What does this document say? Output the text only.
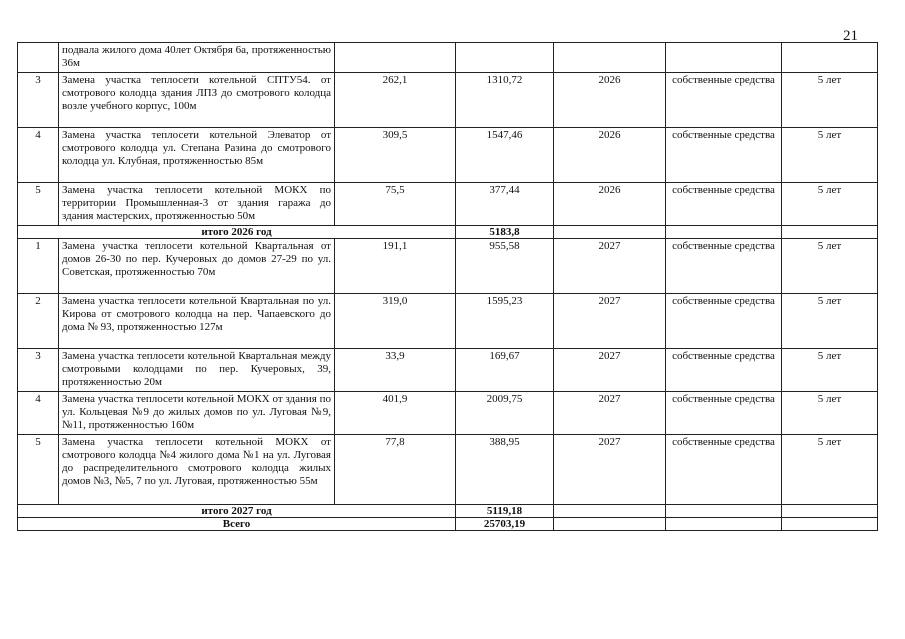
21
	подвала жилого дома 40лет Октября 6а, протяженностью 36м					
3	Замена участка теплосети котельной СПТУ54. от смотрового колодца здания ЛПЗ до смотрового колодца возле учебного корпус, 100м	262,1	1310,72	2026	собственные средства	5 лет
4	Замена участка теплосети котельной Элеватор от смотрового колодца ул. Степана Разина до смотрового колодца ул. Клубная, протяженностью 85м	309,5	1547,46	2026	собственные средства	5 лет
5	Замена участка теплосети котельной МОКХ по территории Промышленная-3 от здания гаража до здания мастерских, протяженностью 50м	75,5	377,44	2026	собственные средства	5 лет
итого 2026 год			5183,8			
1	Замена участка теплосети котельной Квартальная от домов 26-30 по пер. Кучеровых до домов 27-29 по ул. Советская, протяженностью 70м	191,1	955,58	2027	собственные средства	5 лет
2	Замена участка теплосети котельной Квартальная по ул. Кирова от смотрового колодца на пер. Чапаевского до дома № 93, протяженностью 127м	319,0	1595,23	2027	собственные средства	5 лет
3	Замена участка теплосети котельной Квартальная между смотровыми колодцами по пер. Кучеровых, 39, протяженностью 20м	33,9	169,67	2027	собственные средства	5 лет
4	Замена участка теплосети котельной МОКХ от здания по ул. Кольцевая №9 до жилых домов по ул. Луговая №9, №11, протяженностью 160м	401,9	2009,75	2027	собственные средства	5 лет
5	Замена участка теплосети котельной МОКХ от смотрового колодца №4 жилого дома №1 на ул. Луговая до распределительного смотрового колодца жилых домов №3, №5, 7 по ул. Луговая, протяженностью 55м	77,8	388,95	2027	собственные средства	5 лет
итого 2027 год			5119,18			
Всего			25703,19			
